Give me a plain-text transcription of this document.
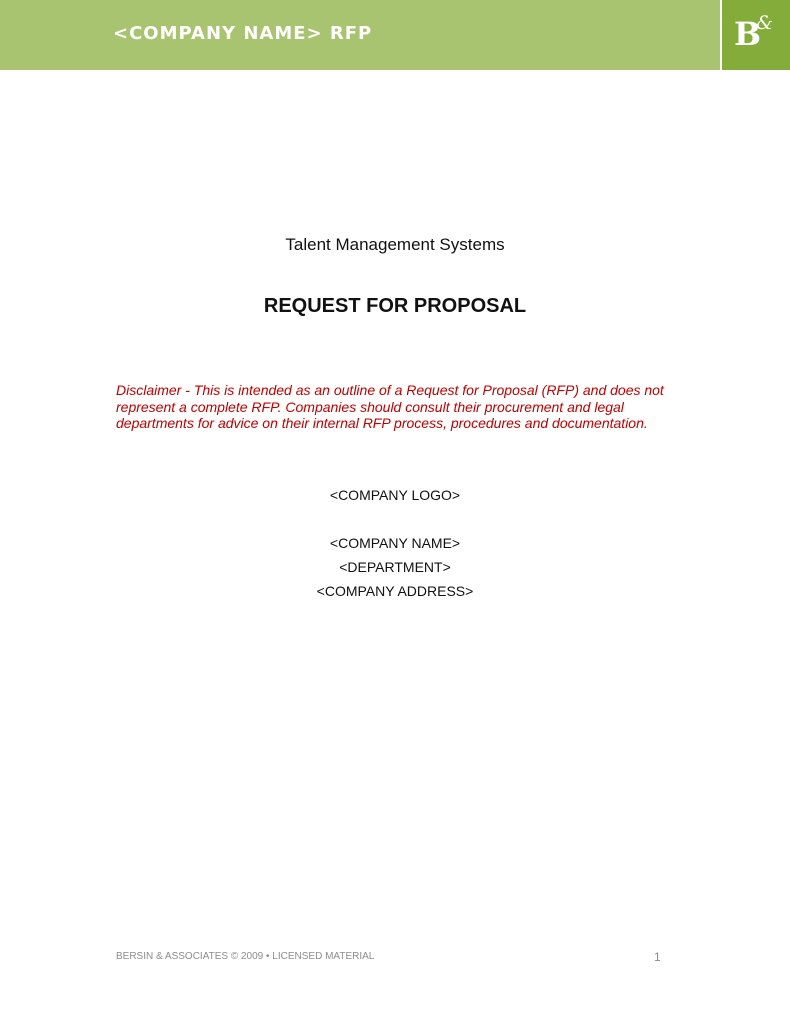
<COMPANY NAME> RFP	B
&
Talent Management Systems
REQUEST FOR PROPOSAL
Disclaimer - This is intended as an outline of a Request for Proposal (RFP) and does not represent a complete RFP. Companies should consult their procurement and legal departments for advice on their internal RFP process, procedures and documentation.
<COMPANY LOGO>
<COMPANY NAME>
<DEPARTMENT>
<COMPANY ADDRESS>
BERSIN & ASSOCIATES © 2009 • LICENSED MATERIAL	1
